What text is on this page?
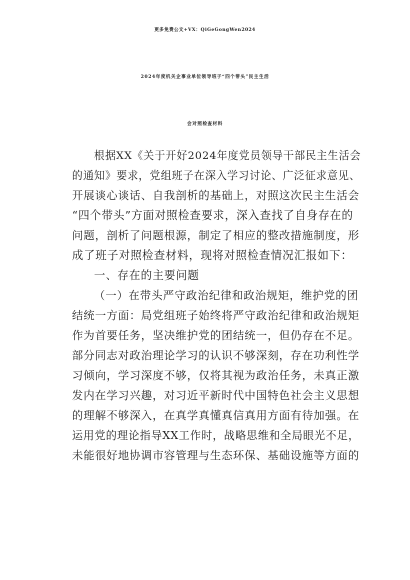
更多免费公文+VX：QiGeGongWen2024
2024年度机关企事业单位领导班子“四个带头”民主生活
会对照检查材料
根据XX《关于开好2024年度党员领导干部民主生活会
的通知》要求，党组班子在深入学习讨论、广泛征求意见、
开展谈心谈话、自我剖析的基础上，对照这次民主生活会
“四个带头”方面对照检查要求，深入查找了自身存在的
问题，剖析了问题根源，制定了相应的整改措施制度，形
成了班子对照检查材料，现将对照检查情况汇报如下：
一、存在的主要问题
（一）在带头严守政治纪律和政治规矩，维护党的团
结统一方面：局党组班子始终将严守政治纪律和政治规矩
作为首要任务，坚决维护党的团结统一，但仍存在不足。
部分同志对政治理论学习的认识不够深刻，存在功利性学
习倾向，学习深度不够，仅将其视为政治任务，未真正激
发内在学习兴趣，对习近平新时代中国特色社会主义思想
的理解不够深入，在真学真懂真信真用方面有待加强。在
运用党的理论指导XX工作时，战略思维和全局眼光不足，
未能很好地协调市容管理与生态环保、基础设施等方面的
